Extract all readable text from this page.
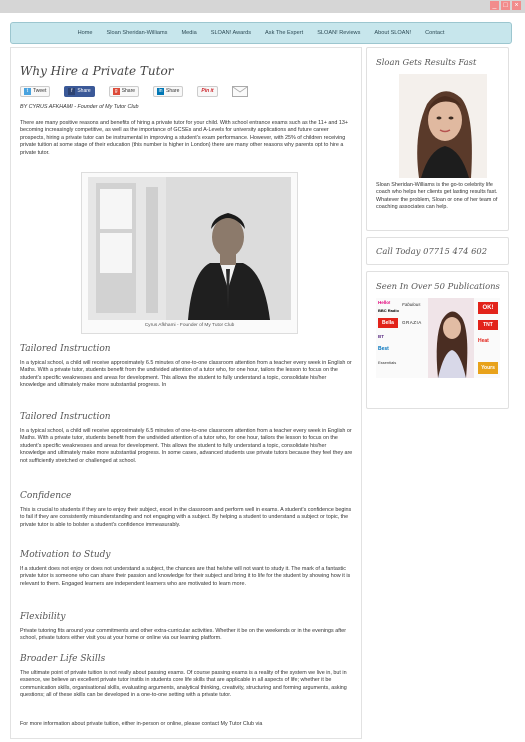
_ □ ×
Home	Sloan Sheridan-Williams	Media	SLOAN! Awards	Ask The Expert	SLOAN! Reviews	About SLOAN!	Contact
Why Hire a Private Tutor
t Tweet	f Share	g Share	in Share	Pin it

BY CYRUS AFKHAMI - Founder of My Tutor Club

There are many positive reasons and benefits of hiring a private tutor for your child. With school entrance exams such as the 11+ and 13+ becoming increasingly competitive, as well as the importance of GCSEs and A-Levels for university applications and future career prospects, hiring a private tutor can be instrumental in improving a student's exam performance. However, with 25% of children receiving private tuition at some stage of their education (this number is higher in London) there are many other reasons why parents opt to hire a private tutor.

Cyrus Afkhami - Founder of My Tutor Club

Tailored Instruction

In a typical school, a child will receive approximately 6.5 minutes of one-to-one classroom attention from a teacher every week in English or Maths. With a private tutor, students benefit from the undivided attention of a tutor who, for one hour, tailors the lesson to focus on the student's specific weaknesses and areas for development. This allows the student to fully understand a topic, consolidate his/her knowledge and ultimately make more substantial progress. In

Tailored Instruction

In a typical school, a child will receive approximately 6.5 minutes of one-to-one classroom attention from a teacher every week in English or Maths. With a private tutor, students benefit from the undivided attention of a tutor who, for one hour, tailors the lesson to focus on the student's specific weaknesses and areas for development. This allows the student to fully understand a topic, consolidate his/her knowledge and ultimately make more substantial progress. In some cases, advanced students use private tutors because they feel they are not sufficiently stretched or challenged at school.

Confidence

This is crucial to students if they are to enjoy their subject, excel in the classroom and perform well in exams. A student's confidence begins to fail if they are consistently misunderstanding and not engaging with a subject. By helping a student to understand a subject or topic, the private tutor is able to bolster a student's confidence immeasurably.

Motivation to Study

If a student does not enjoy or does not understand a subject, the chances are that he/she will not want to study it. The mark of a fantastic private tutor is someone who can share their passion and knowledge for their subject and bring it to life for the student by showing how it is relevant to them. Engaged learners are independent learners who are motivated to learn more.

Flexibility

Private tutoring fits around your commitments and other extra-curricular activities. Whether it be on the weekends or in the evenings after school, private tutors either visit you at your home or online via our learning platform.

Broader Life Skills

The ultimate point of private tuition is not really about passing exams. Of course passing exams is a reality of the system we live in, but in essence, we believe an excellent private tutor instils in students core life skills that are applicable in all aspects of life; whether it be communication skills, organisational skills, evaluating arguments, analytical thinking, creativity, structuring and forming arguments, asking questions; all of these skills can be developed in a one-to-one setting with a private tutor.

For more information about private tuition, either in-person or online, please contact My Tutor Club via

Sloan Gets Results Fast

Sloan Sheridan-Williams is the go-to celebrity life coach who helps her clients get lasting results fast. Whatever the problem, Sloan or one of her team of coaching associates can help.

Call Today 07715 474 602
Seen In Over 50 Publications
Hello!
BBC Radio
Fabulous
Bella	GRAZIA
BT
TNT
Yours
Essentials
OK!
Heat
Best
